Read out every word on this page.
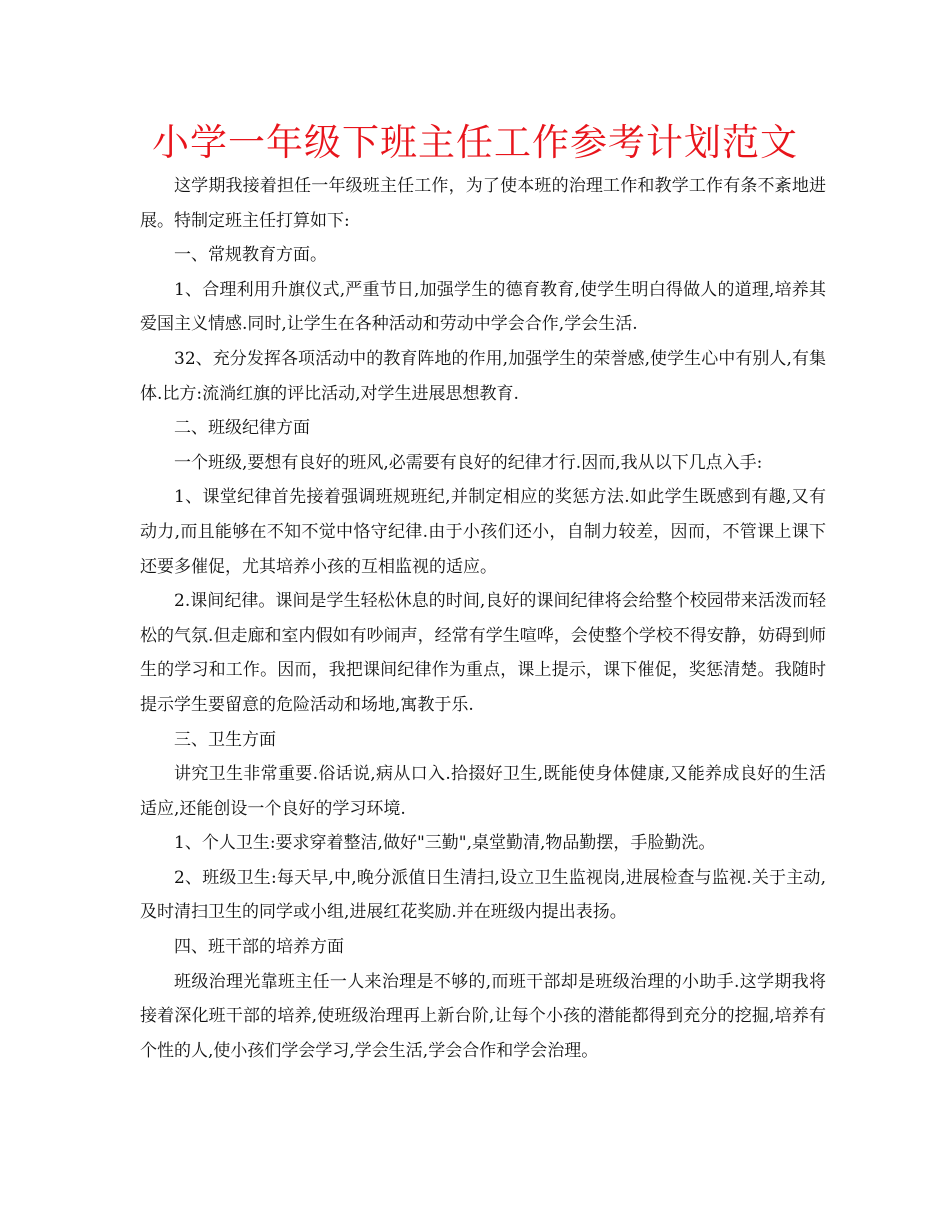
小学一年级下班主任工作参考计划范文

这学期我接着担任一年级班主任工作，为了使本班的治理工作和教学工作有条不紊地进展。特制定班主任打算如下:

一、常规教育方面。

1、合理利用升旗仪式,严重节日,加强学生的德育教育,使学生明白得做人的道理,培养其爱国主义情感.同时,让学生在各种活动和劳动中学会合作,学会生活.

32、充分发挥各项活动中的教育阵地的作用,加强学生的荣誉感,使学生心中有别人,有集体.比方:流淌红旗的评比活动,对学生进展思想教育.

二、班级纪律方面

一个班级,要想有良好的班风,必需要有良好的纪律才行.因而,我从以下几点入手:

1、课堂纪律首先接着强调班规班纪,并制定相应的奖惩方法.如此学生既感到有趣,又有动力,而且能够在不知不觉中恪守纪律.由于小孩们还小，自制力较差，因而，不管课上课下还要多催促，尤其培养小孩的互相监视的适应。

2.课间纪律。课间是学生轻松休息的时间,良好的课间纪律将会给整个校园带来活泼而轻松的气氛.但走廊和室内假如有吵闹声，经常有学生喧哗，会使整个学校不得安静，妨碍到师生的学习和工作。因而，我把课间纪律作为重点，课上提示，课下催促，奖惩清楚。我随时提示学生要留意的危险活动和场地,寓教于乐.

三、卫生方面

讲究卫生非常重要.俗话说,病从口入.拾掇好卫生,既能使身体健康,又能养成良好的生活适应,还能创设一个良好的学习环境.

1、个人卫生:要求穿着整洁,做好"三勤",桌堂勤清,物品勤摆，手脸勤洗。

2、班级卫生:每天早,中,晚分派值日生清扫,设立卫生监视岗,进展检查与监视.关于主动,及时清扫卫生的同学或小组,进展红花奖励.并在班级内提出表扬。

四、班干部的培养方面

班级治理光靠班主任一人来治理是不够的,而班干部却是班级治理的小助手.这学期我将接着深化班干部的培养,使班级治理再上新台阶,让每个小孩的潜能都得到充分的挖掘,培养有个性的人,使小孩们学会学习,学会生活,学会合作和学会治理。
